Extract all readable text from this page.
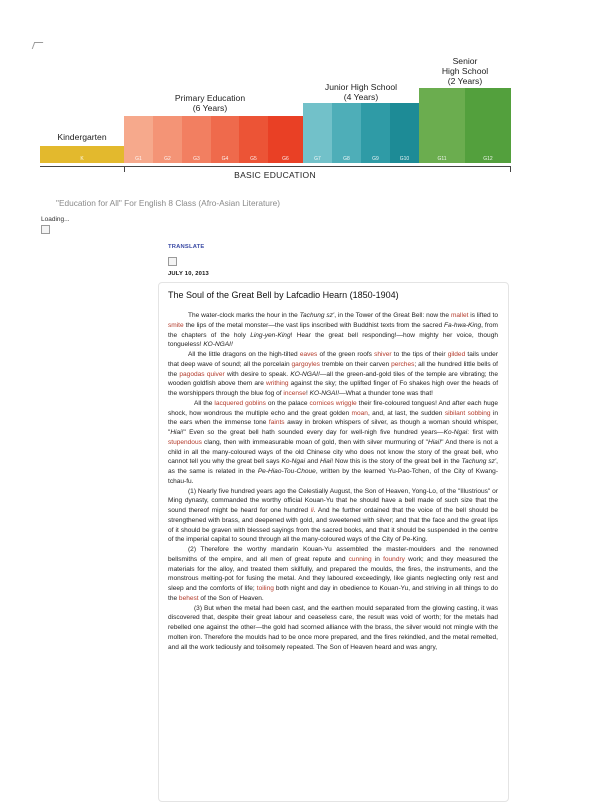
Kindergarten
Primary Education
(6 Years)
Junior High School
(4 Years)
Senior
High School
(2 Years)
K	G1	G2	G3	G4	G5	G6	G7	G8	G9	G10	G11	G12
BASIC EDUCATION
"Education for All" For English 8 Class (Afro-Asian Literature)
Loading...
TRANSLATE
JULY 10, 2013
The Soul of the Great Bell by Lafcadio Hearn (1850-1904)

The water-clock marks the hour in the Tachung sz', in the Tower of the Great Bell: now the mallet is lifted to smite the lips of the metal monster—the vast lips inscribed with Buddhist texts from the sacred Fa-hwa-King, from the chapters of the holy Ling-yen-King! Hear the great bell responding!—how mighty her voice, though tongueless! KO-NGAI!

All the little dragons on the high-tilted eaves of the green roofs shiver to the tips of their gilded tails under that deep wave of sound; all the porcelain gargoyles tremble on their carven perches; all the hundred little bells of the pagodas quiver with desire to speak. KO-NGAI!—all the green-and-gold tiles of the temple are vibrating; the wooden goldfish above them are writhing against the sky; the uplifted finger of Fo shakes high over the heads of the worshippers through the blue fog of incense! KO-NGAI!—What a thunder tone was that!

All the lacquered goblins on the palace cornices wriggle their fire-coloured tongues! And after each huge shock, how wondrous the multiple echo and the great golden moan, and, at last, the sudden sibilant sobbing in the ears when the immense tone faints away in broken whispers of silver, as though a woman should whisper, "Hiai!" Even so the great bell hath sounded every day for well-nigh five hundred years—Ko-Ngai: first with stupendous clang, then with immeasurable moan of gold, then with silver murmuring of "Hiai!" And there is not a child in all the many-coloured ways of the old Chinese city who does not know the story of the great bell, who cannot tell you why the great bell says Ko-Ngai and Hiai! Now this is the story of the great bell in the Tachung sz', as the same is related in the Pe-Hiao-Tou-Choue, written by the learned Yu-Pao-Tchen, of the City of Kwang-tchau-fu.

(1) Nearly five hundred years ago the Celestially August, the Son of Heaven, Yong-Lo, of the "Illustrious" or Ming dynasty, commanded the worthy official Kouan-Yu that he should have a bell made of such size that the sound thereof might be heard for one hundred li. And he further ordained that the voice of the bell should be strengthened with brass, and deepened with gold, and sweetened with silver; and that the face and the great lips of it should be graven with blessed sayings from the sacred books, and that it should be suspended in the centre of the imperial capital to sound through all the many-coloured ways of the City of Pe-King.

(2) Therefore the worthy mandarin Kouan-Yu assembled the master-moulders and the renowned bellsmiths of the empire, and all men of great repute and cunning in foundry work; and they measured the materials for the alloy, and treated them skilfully, and prepared the moulds, the fires, the instruments, and the monstrous melting-pot for fusing the metal. And they laboured exceedingly, like giants neglecting only rest and sleep and the comforts of life; toiling both night and day in obedience to Kouan-Yu, and striving in all things to do the behest of the Son of Heaven.

(3) But when the metal had been cast, and the earthen mould separated from the glowing casting, it was discovered that, despite their great labour and ceaseless care, the result was void of worth; for the metals had rebelled one against the other—the gold had scorned alliance with the brass, the silver would not mingle with the molten iron. Therefore the moulds had to be once more prepared, and the fires rekindled, and the metal remelted, and all the work tediously and toilsomely repeated. The Son of Heaven heard and was angry,
